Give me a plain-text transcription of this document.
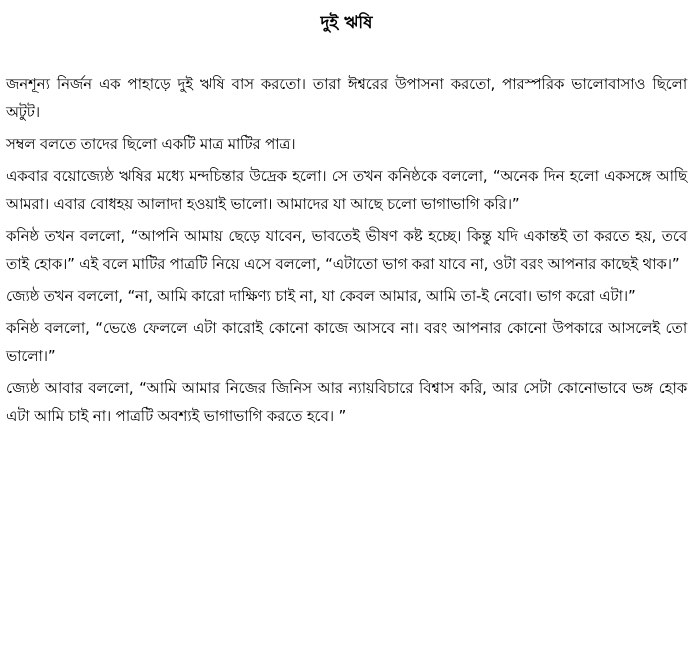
দুই ঋষি

জনশূন্য নির্জন এক পাহাড়ে দুই ঋষি বাস করতো। তারা ঈশ্বরের উপাসনা করতো, পারস্পরিক ভালোবাসাও ছিলো অটুট।

সম্বল বলতে তাদের ছিলো একটি মাত্র মাটির পাত্র।

একবার বয়োজ্যেষ্ঠ ঋষির মধ্যে মন্দচিন্তার উদ্রেক হলো। সে তখন কনিষ্ঠকে বললো, “অনেক দিন হলো একসঙ্গে আছি আমরা। এবার বোধহয় আলাদা হওয়াই ভালো। আমাদের যা আছে চলো ভাগাভাগি করি।”

কনিষ্ঠ তখন বললো, “আপনি আমায় ছেড়ে যাবেন, ভাবতেই ভীষণ কষ্ট হচ্ছে। কিন্তু যদি একান্তই তা করতে হয়, তবে তাই হোক।” এই বলে মাটির পাত্রটি নিয়ে এসে বললো, “এটাতো ভাগ করা যাবে না, ওটা বরং আপনার কাছেই থাক।”

জ্যেষ্ঠ তখন বললো, “না, আমি কারো দাক্ষিণ্য চাই না, যা কেবল আমার, আমি তা-ই নেবো। ভাগ করো এটা।”

কনিষ্ঠ বললো, “ভেঙে ফেললে এটা কারোই কোনো কাজে আসবে না। বরং আপনার কোনো উপকারে আসলেই তো ভালো।”

জ্যেষ্ঠ আবার বললো, “আমি আমার নিজের জিনিস আর ন্যায়বিচারে বিশ্বাস করি, আর সেটা কোনোভাবে ভঙ্গ হোক এটা আমি চাই না। পাত্রটি অবশ্যই ভাগাভাগি করতে হবে। ”
